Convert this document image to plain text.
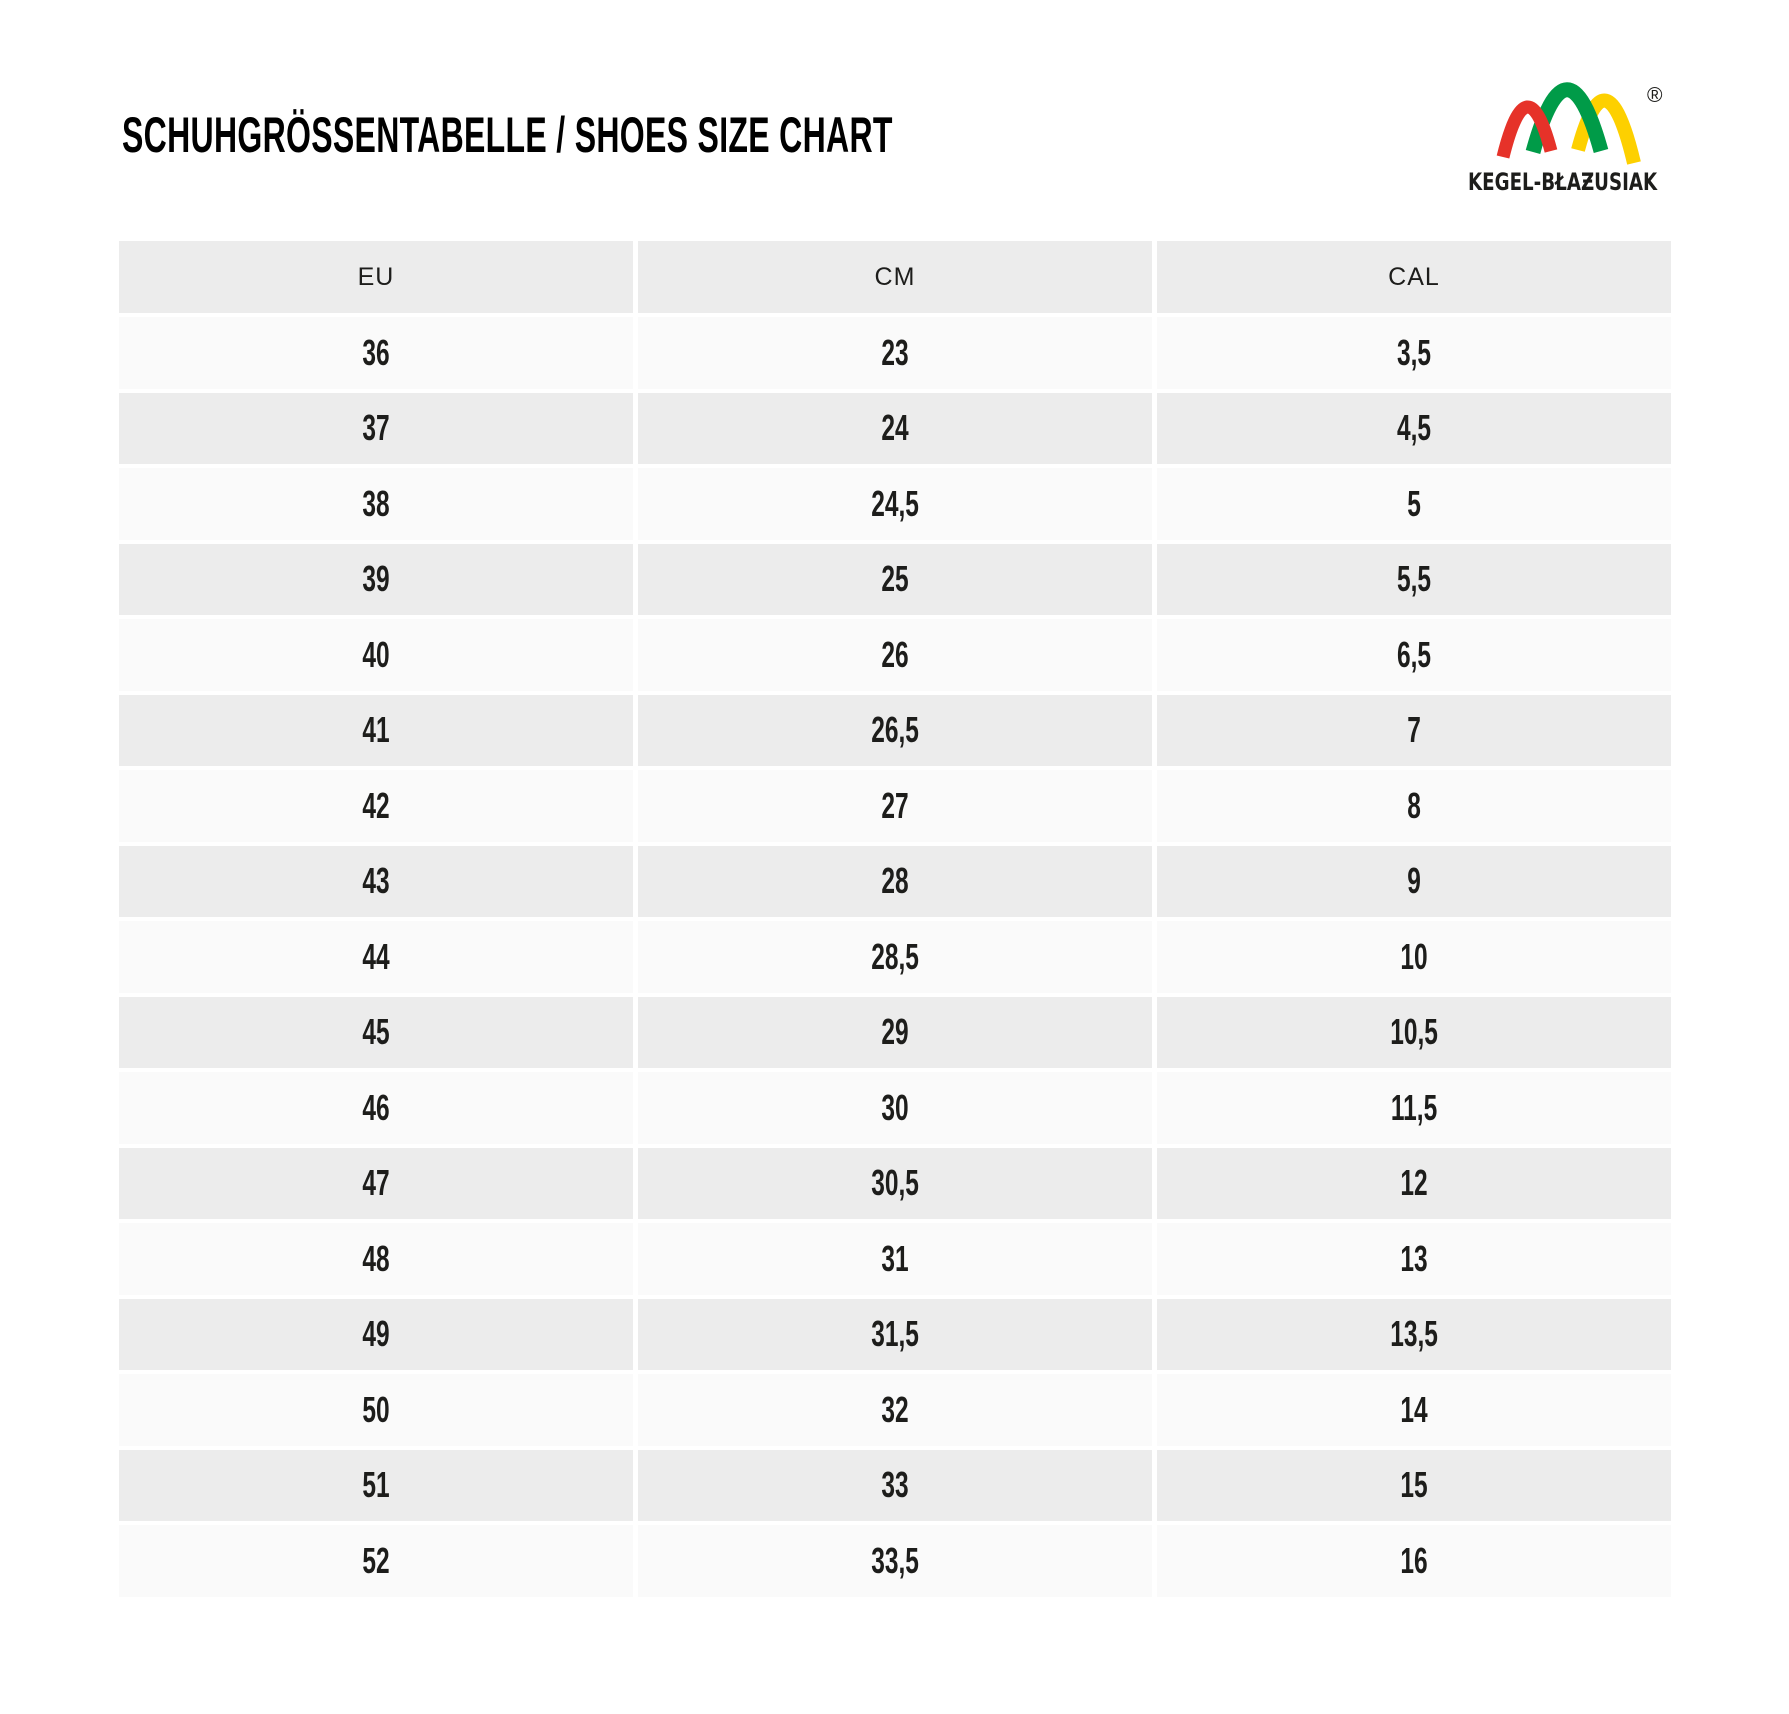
SCHUHGRÖSSENTABELLE / SHOES SIZE CHART
®
KEGEL-BŁAƵUSIAK
EU	CM	CAL
36	23	3,5
37	24	4,5
38	24,5	5
39	25	5,5
40	26	6,5
41	26,5	7
42	27	8
43	28	9
44	28,5	10
45	29	10,5
46	30	11,5
47	30,5	12
48	31	13
49	31,5	13,5
50	32	14
51	33	15
52	33,5	16
